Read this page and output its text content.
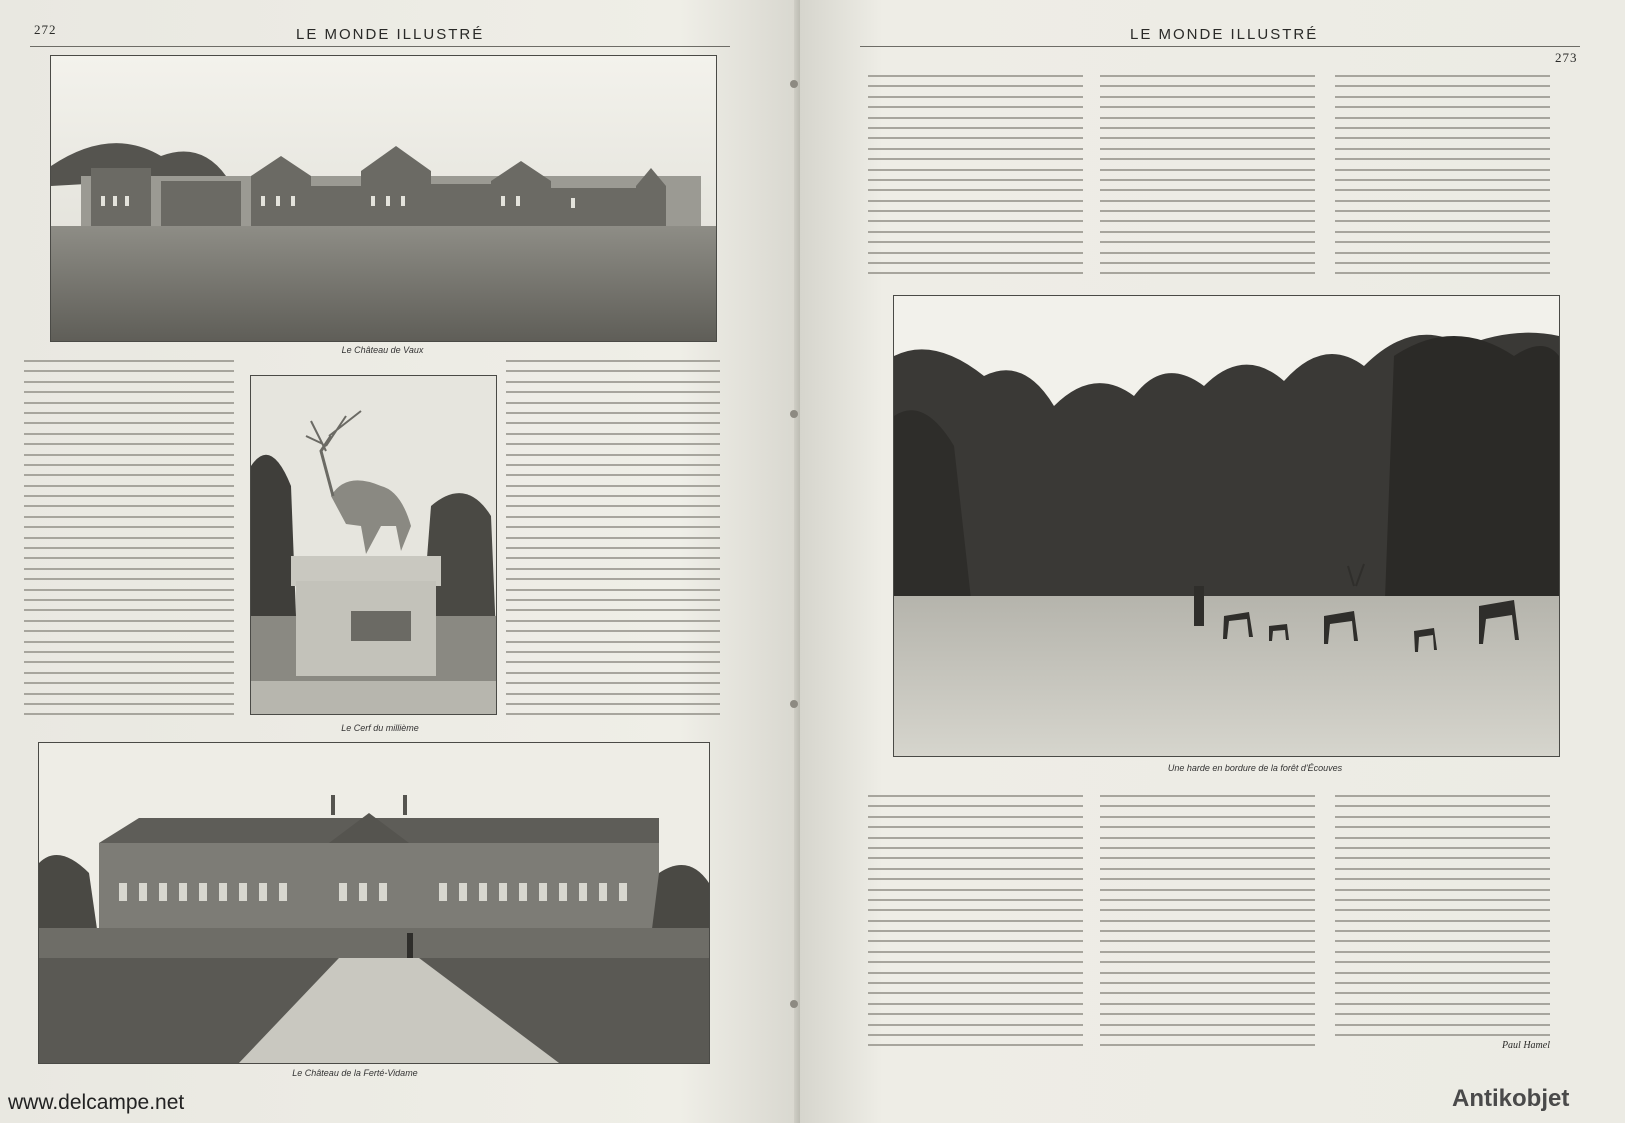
272	LE MONDE ILLUSTRÉ
Le Château de Vaux
Le Cerf du millième
Le Château de la Ferté-Vidame
LE MONDE ILLUSTRÉ
273
Une harde en bordure de la forêt d'Écouves
Paul Hamel
www.delcampe.net	Antikobjet
